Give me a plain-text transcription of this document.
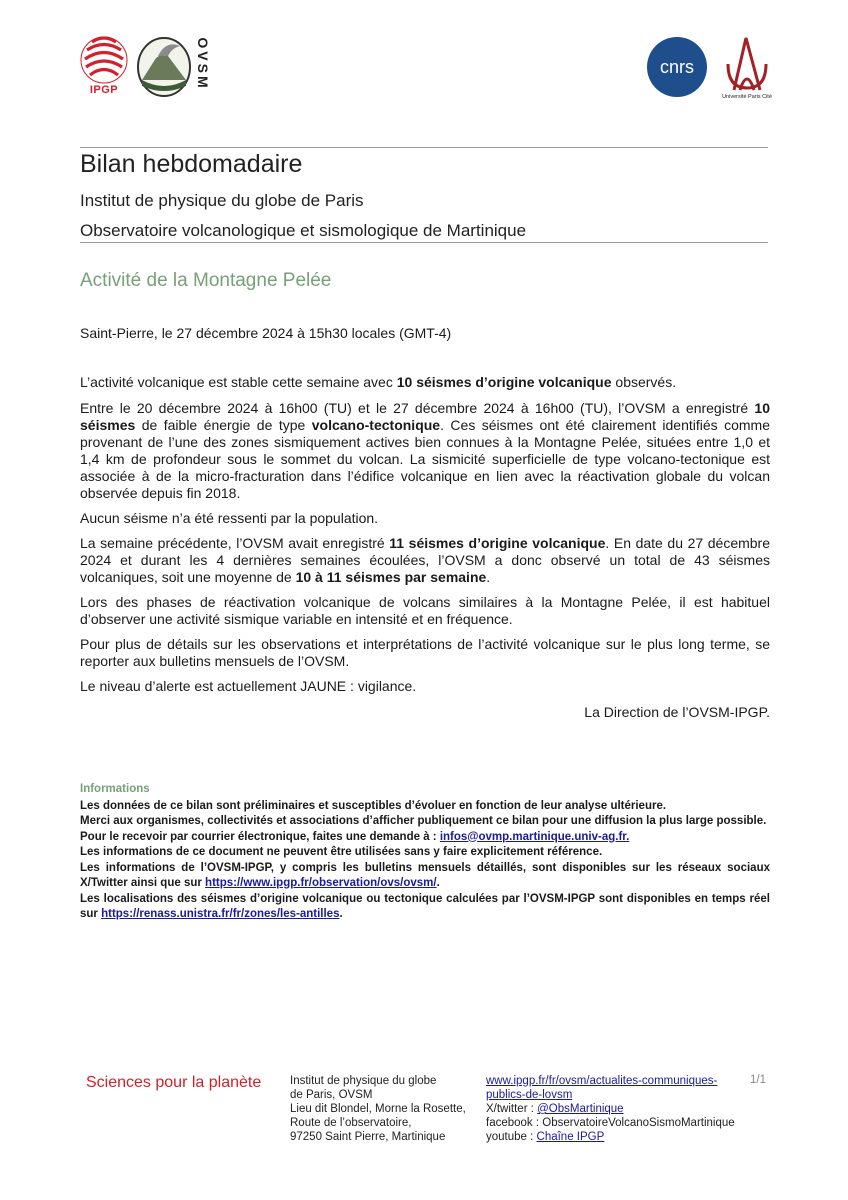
IPGP	OVSM	cnrs
Université Paris Cité
Bilan hebdomadaire
Institut de physique du globe de Paris
Observatoire volcanologique et sismologique de Martinique
Activité de la Montagne Pelée
Saint-Pierre, le 27 décembre 2024 à 15h30 locales (GMT-4)

L’activité volcanique est stable cette semaine avec 10 séismes d’origine volcanique observés.

Entre le 20 décembre 2024 à 16h00 (TU) et le 27 décembre 2024 à 16h00 (TU), l’OVSM a enregistré 10 séismes de faible énergie de type volcano-tectonique. Ces séismes ont été clairement identifiés comme provenant de l’une des zones sismiquement actives bien connues à la Montagne Pelée, situées entre 1,0 et 1,4 km de profondeur sous le sommet du volcan. La sismicité superficielle de type volcano-tectonique est associée à de la micro-fracturation dans l’édifice volcanique en lien avec la réactivation globale du volcan observée depuis fin 2018.

Aucun séisme n’a été ressenti par la population.

La semaine précédente, l’OVSM avait enregistré 11 séismes d’origine volcanique. En date du 27 décembre 2024 et durant les 4 dernières semaines écoulées, l’OVSM a donc observé un total de 43 séismes volcaniques, soit une moyenne de 10 à 11 séismes par semaine.

Lors des phases de réactivation volcanique de volcans similaires à la Montagne Pelée, il est habituel d’observer une activité sismique variable en intensité et en fréquence.

Pour plus de détails sur les observations et interprétations de l’activité volcanique sur le plus long terme, se reporter aux bulletins mensuels de l’OVSM.

Le niveau d’alerte est actuellement JAUNE : vigilance.

La Direction de l’OVSM-IPGP.
Informations

Les données de ce bilan sont préliminaires et susceptibles d’évoluer en fonction de leur analyse ultérieure.

Merci aux organismes, collectivités et associations d’afficher publiquement ce bilan pour une diffusion la plus large possible.

Pour le recevoir par courrier électronique, faites une demande à : infos@ovmp.martinique.univ-ag.fr.

Les informations de ce document ne peuvent être utilisées sans y faire explicitement référence.

Les informations de l’OVSM-IPGP, y compris les bulletins mensuels détaillés, sont disponibles sur les réseaux sociaux X/Twitter ainsi que sur https://www.ipgp.fr/observation/ovs/ovsm/.

Les localisations des séismes d’origine volcanique ou tectonique calculées par l’OVSM-IPGP sont disponibles en temps réel sur https://renass.unistra.fr/fr/zones/les-antilles.

Sciences pour la planète	Institut de physique du globe
de Paris, OVSM
Lieu dit Blondel, Morne la Rosette,
Route de l’observatoire,
97250 Saint Pierre, Martinique
www.ipgp.fr/fr/ovsm/actualites-communiques-publics-de-lovsm
X/twitter : @ObsMartinique
facebook : ObservatoireVolcanoSismoMartinique
youtube : Chaîne IPGP
1/1
